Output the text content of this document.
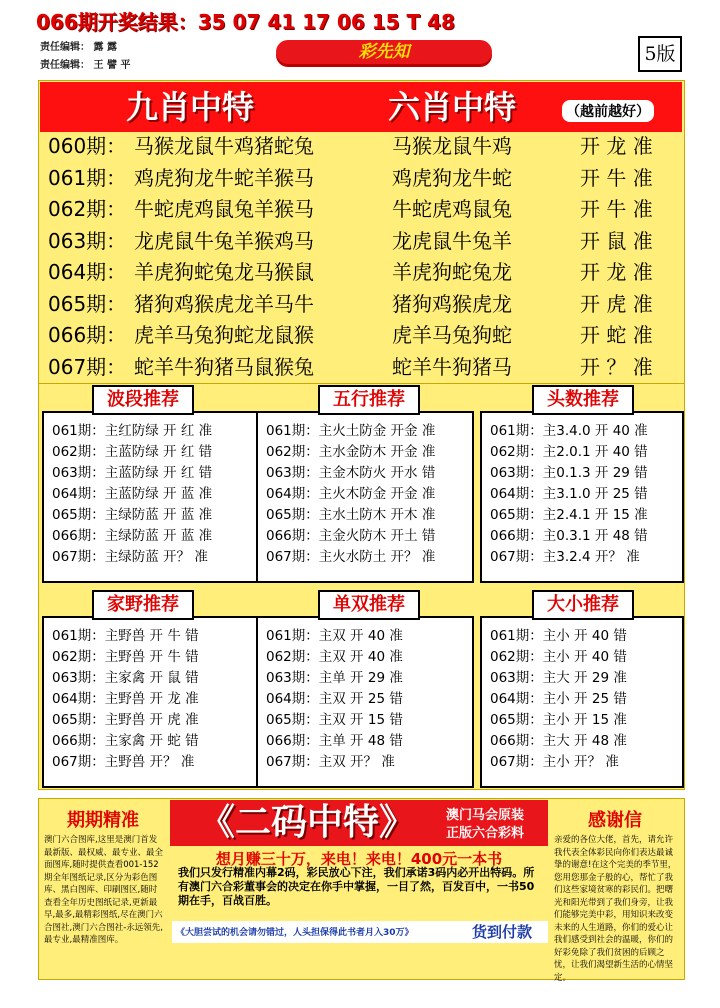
066期开奖结果：35 07 41 17 06 15 T 48
责任编辑： 露 露
责任编辑： 王 譬 平
彩先知	5版
九肖中特	六肖中特	（越前越好）
060期： 马猴龙鼠牛鸡猪蛇兔	马猴龙鼠牛鸡	开 龙 准
061期： 鸡虎狗龙牛蛇羊猴马	鸡虎狗龙牛蛇	开 牛 准
062期： 牛蛇虎鸡鼠兔羊猴马	牛蛇虎鸡鼠兔	开 牛 准
063期： 龙虎鼠牛兔羊猴鸡马	龙虎鼠牛兔羊	开 鼠 准
064期： 羊虎狗蛇兔龙马猴鼠	羊虎狗蛇兔龙	开 龙 准
065期： 猪狗鸡猴虎龙羊马牛	猪狗鸡猴虎龙	开 虎 准
066期： 虎羊马兔狗蛇龙鼠猴	虎羊马兔狗蛇	开 蛇 准
067期： 蛇羊牛狗猪马鼠猴兔	蛇羊牛狗猪马	开 ？ 准
波段推荐
061期：主红防绿 开 红 准
062期：主蓝防绿 开 红 错
063期：主蓝防绿 开 红 错
064期：主蓝防绿 开 蓝 准
065期：主绿防蓝 开 蓝 准
066期：主绿防蓝 开 蓝 准
067期：主绿防蓝 开？ 准
五行推荐
061期：主火土防金 开金 准
062期：主水金防木 开金 准
063期：主金木防火 开水 错
064期：主火木防金 开金 准
065期：主水土防木 开木 准
066期：主金火防木 开土 错
067期：主火水防土 开？ 准
头数推荐
061期：主3.4.0 开 40 准
062期：主2.0.1 开 40 错
063期：主0.1.3 开 29 错
064期：主3.1.0 开 25 错
065期：主2.4.1 开 15 准
066期：主0.3.1 开 48 错
067期：主3.2.4 开？ 准
家野推荐
061期：主野兽 开 牛 错
062期：主野兽 开 牛 错
063期：主家禽 开 鼠 错
064期：主野兽 开 龙 准
065期：主野兽 开 虎 准
066期：主家禽 开 蛇 错
067期：主野兽 开？ 准
单双推荐
061期：主双 开 40 准
062期：主双 开 40 准
063期：主单 开 29 准
064期：主双 开 25 错
065期：主双 开 15 错
066期：主单 开 48 错
067期：主双 开？ 准
大小推荐
061期：主小 开 40 错
062期：主小 开 40 错
063期：主大 开 29 准
064期：主小 开 25 错
065期：主小 开 15 准
066期：主大 开 48 准
067期：主小 开？ 准
期期精准
澳门六合图库,这里是澳门首发最新版、最权威、最专业、最全面图库,随时提供查看001-152期全年图纸记录,区分为彩色图库、黑白图库、印刷图区,随时查看全年历史图纸记录,更新最早,最多,最精彩图纸,尽在澳门六合图社,澳门六合图社-永远领先,最专业,最精准图库。
《二码中特》	澳门马会原装
正版六合彩料
想月赚三十万，来电！来电！400元一本书
我们只发行精准内幕2码，彩民放心下注，我们承诺3码内必开出特码。所有澳门六合彩董事会的决定在你手中掌握，一目了然，百发百中，一书50期在手，百战百胜。
《大胆尝试的机会请勿错过，人头担保得此书者月入30万》	货到付款
感谢信
亲爱的各位大佬，首先，请允许我代表全体彩民向你们表达最诚挚的谢意!在这个完美的季节里，您用您那金子般的心，帮忙了我们这些家境贫寒的彩民们。把曙光和阳光带到了我们身旁，让我们能够完美中彩，用知识来改变未来的人生道路，你们的爱心让我们感受到社会的温暖，你们的好彩免除了我们贫困的后顾之忧，让我们渴望新生活的心情坚定。
